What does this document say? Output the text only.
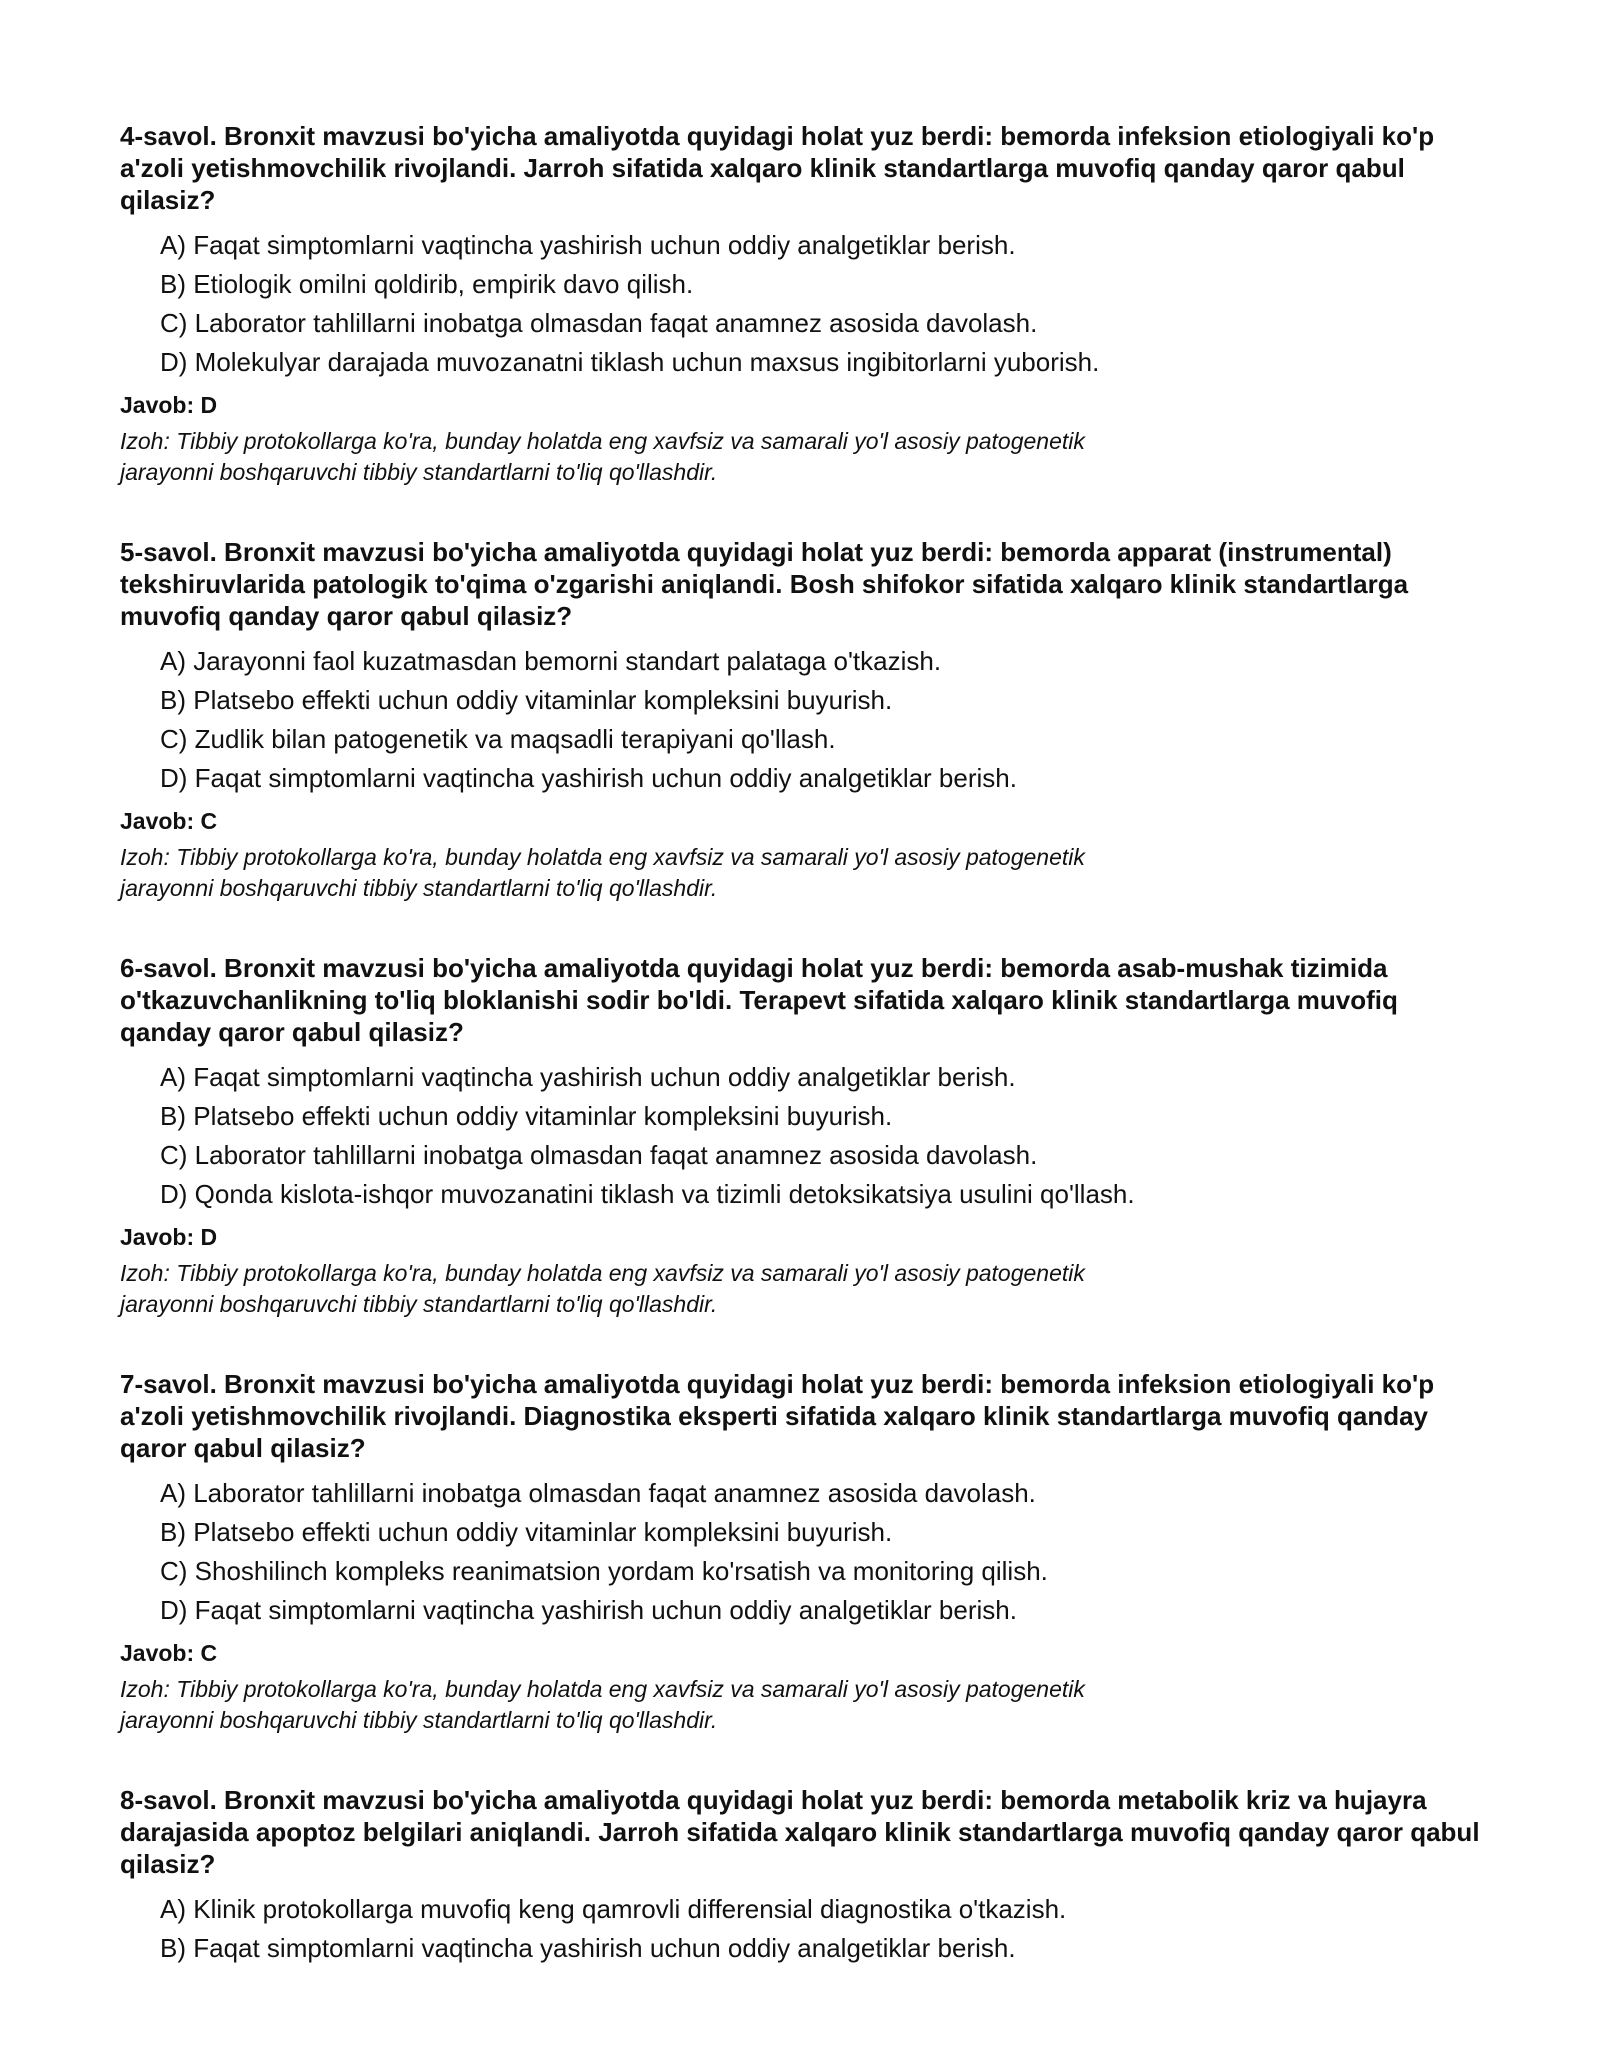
4-savol. Bronxit mavzusi bo'yicha amaliyotda quyidagi holat yuz berdi: bemorda infeksion etiologiyali ko'p a'zoli yetishmovchilik rivojlandi. Jarroh sifatida xalqaro klinik standartlarga muvofiq qanday qaror qabul qilasiz?
A) Faqat simptomlarni vaqtincha yashirish uchun oddiy analgetiklar berish.
B) Etiologik omilni qoldirib, empirik davo qilish.
C) Laborator tahlillarni inobatga olmasdan faqat anamnez asosida davolash.
D) Molekulyar darajada muvozanatni tiklash uchun maxsus ingibitorlarni yuborish.
Javob: D
Izoh: Tibbiy protokollarga ko'ra, bunday holatda eng xavfsiz va samarali yo'l asosiy patogenetik jarayonni boshqaruvchi tibbiy standartlarni to'liq qo'llashdir.
5-savol. Bronxit mavzusi bo'yicha amaliyotda quyidagi holat yuz berdi: bemorda apparat (instrumental) tekshiruvlarida patologik to'qima o'zgarishi aniqlandi. Bosh shifokor sifatida xalqaro klinik standartlarga muvofiq qanday qaror qabul qilasiz?
A) Jarayonni faol kuzatmasdan bemorni standart palataga o'tkazish.
B) Platsebo effekti uchun oddiy vitaminlar kompleksini buyurish.
C) Zudlik bilan patogenetik va maqsadli terapiyani qo'llash.
D) Faqat simptomlarni vaqtincha yashirish uchun oddiy analgetiklar berish.
Javob: C
Izoh: Tibbiy protokollarga ko'ra, bunday holatda eng xavfsiz va samarali yo'l asosiy patogenetik jarayonni boshqaruvchi tibbiy standartlarni to'liq qo'llashdir.
6-savol. Bronxit mavzusi bo'yicha amaliyotda quyidagi holat yuz berdi: bemorda asab-mushak tizimida o'tkazuvchanlikning to'liq bloklanishi sodir bo'ldi. Terapevt sifatida xalqaro klinik standartlarga muvofiq qanday qaror qabul qilasiz?
A) Faqat simptomlarni vaqtincha yashirish uchun oddiy analgetiklar berish.
B) Platsebo effekti uchun oddiy vitaminlar kompleksini buyurish.
C) Laborator tahlillarni inobatga olmasdan faqat anamnez asosida davolash.
D) Qonda kislota-ishqor muvozanatini tiklash va tizimli detoksikatsiya usulini qo'llash.
Javob: D
Izoh: Tibbiy protokollarga ko'ra, bunday holatda eng xavfsiz va samarali yo'l asosiy patogenetik jarayonni boshqaruvchi tibbiy standartlarni to'liq qo'llashdir.
7-savol. Bronxit mavzusi bo'yicha amaliyotda quyidagi holat yuz berdi: bemorda infeksion etiologiyali ko'p a'zoli yetishmovchilik rivojlandi. Diagnostika eksperti sifatida xalqaro klinik standartlarga muvofiq qanday qaror qabul qilasiz?
A) Laborator tahlillarni inobatga olmasdan faqat anamnez asosida davolash.
B) Platsebo effekti uchun oddiy vitaminlar kompleksini buyurish.
C) Shoshilinch kompleks reanimatsion yordam ko'rsatish va monitoring qilish.
D) Faqat simptomlarni vaqtincha yashirish uchun oddiy analgetiklar berish.
Javob: C
Izoh: Tibbiy protokollarga ko'ra, bunday holatda eng xavfsiz va samarali yo'l asosiy patogenetik jarayonni boshqaruvchi tibbiy standartlarni to'liq qo'llashdir.
8-savol. Bronxit mavzusi bo'yicha amaliyotda quyidagi holat yuz berdi: bemorda metabolik kriz va hujayra darajasida apoptoz belgilari aniqlandi. Jarroh sifatida xalqaro klinik standartlarga muvofiq qanday qaror qabul qilasiz?
A) Klinik protokollarga muvofiq keng qamrovli differensial diagnostika o'tkazish.
B) Faqat simptomlarni vaqtincha yashirish uchun oddiy analgetiklar berish.
